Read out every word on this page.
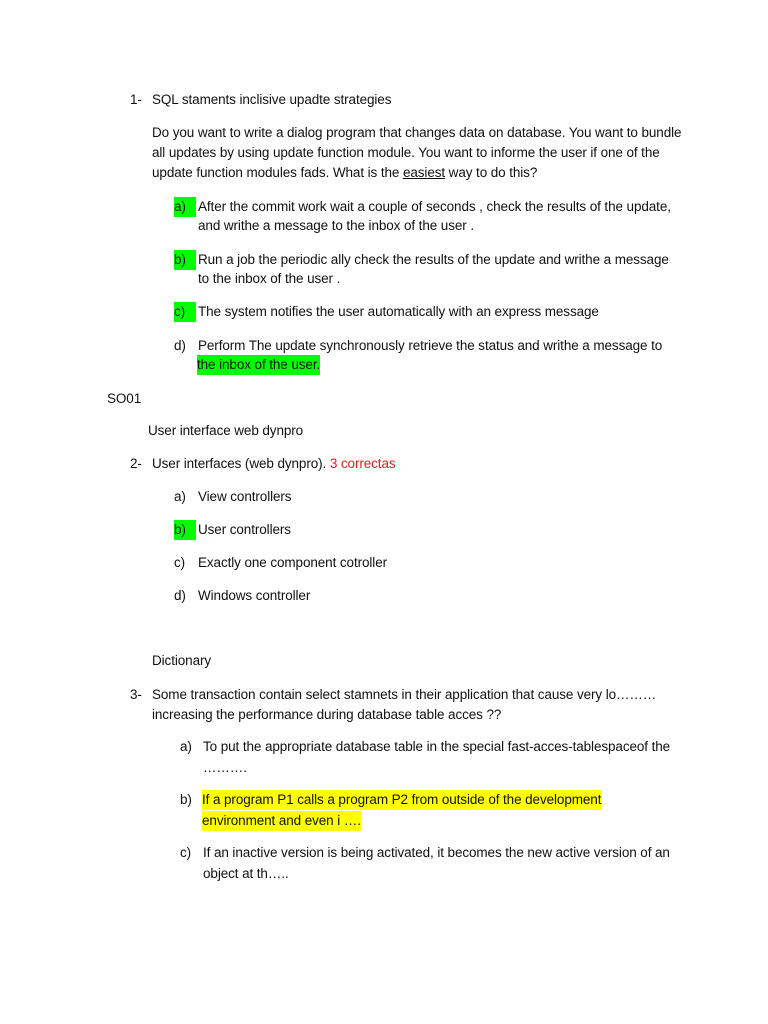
1- SQL staments inclisive upadte strategies
Do you want to write a dialog program that changes data on database. You want to bundle
all updates by using update function module. You want to informe the user if one of the
update function modules fads. What is the easiest way to do this?
a) After the commit work wait a couple of seconds , check the results of the update,
and writhe a message to the inbox of the user .
b) Run a job the periodic ally check the results of the update and writhe a message
to the inbox of the user .
c) The system notifies the user automatically with an express message
d) Perform The update synchronously retrieve the status and writhe a message to
the inbox of the user.
SO01
User interface web dynpro
2- User interfaces (web dynpro). 3 correctas
a) View controllers
b) User controllers
c) Exactly one component cotroller
d) Windows controller
Dictionary
3- Some transaction contain select stamnets in their application that cause very lo………
increasing the performance during database table acces ??
a) To put the appropriate database table in the special fast-acces-tablespaceof the
……….
b) If a program P1 calls a program P2 from outside of the development
environment and even i ….
c) If an inactive version is being activated, it becomes the new active version of an
object at th…..
